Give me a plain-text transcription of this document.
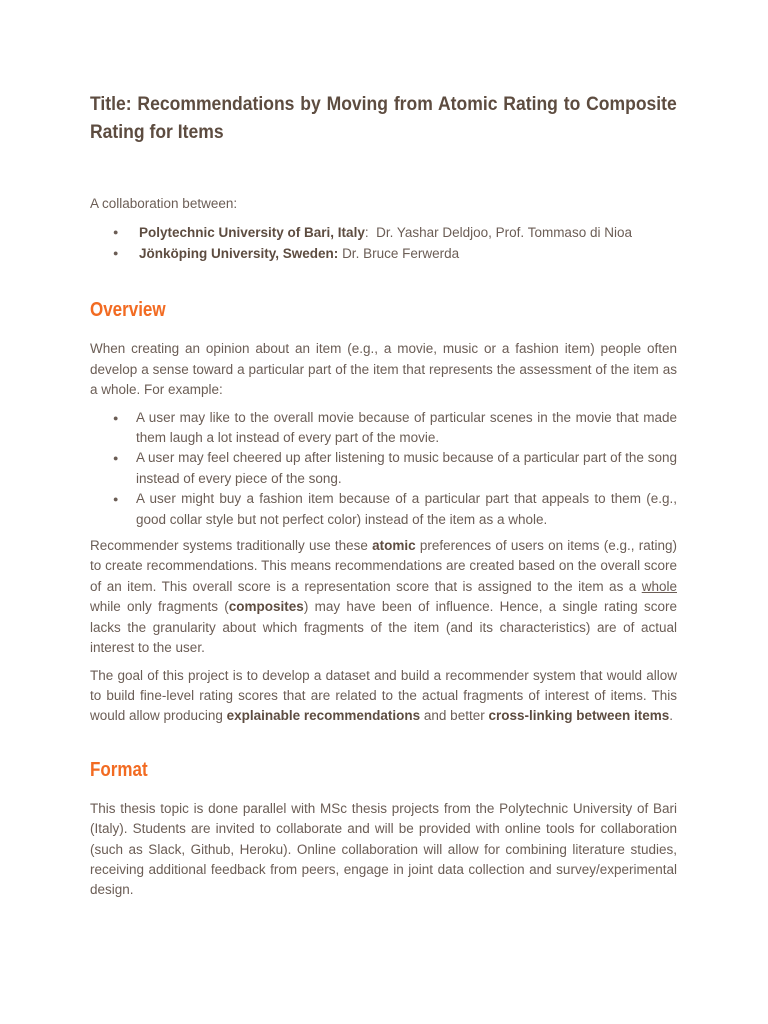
Title: Recommendations by Moving from Atomic Rating to Composite Rating for Items

A collaboration between:

● Polytechnic University of Bari, Italy: Dr. Yashar Deldjoo, Prof. Tommaso di Nioa
● Jönköping University, Sweden: Dr. Bruce Ferwerda
Overview

When creating an opinion about an item (e.g., a movie, music or a fashion item) people often develop a sense toward a particular part of the item that represents the assessment of the item as a whole. For example:

● A user may like to the overall movie because of particular scenes in the movie that made them laugh a lot instead of every part of the movie.
● A user may feel cheered up after listening to music because of a particular part of the song instead of every piece of the song.
● A user might buy a fashion item because of a particular part that appeals to them (e.g., good collar style but not perfect color) instead of the item as a whole.

Recommender systems traditionally use these atomic preferences of users on items (e.g., rating) to create recommendations. This means recommendations are created based on the overall score of an item. This overall score is a representation score that is assigned to the item as a whole while only fragments (composites) may have been of influence. Hence, a single rating score lacks the granularity about which fragments of the item (and its characteristics) are of actual interest to the user.

The goal of this project is to develop a dataset and build a recommender system that would allow to build fine-level rating scores that are related to the actual fragments of interest of items. This would allow producing explainable recommendations and better cross-linking between items.

Format

This thesis topic is done parallel with MSc thesis projects from the Polytechnic University of Bari (Italy). Students are invited to collaborate and will be provided with online tools for collaboration (such as Slack, Github, Heroku). Online collaboration will allow for combining literature studies, receiving additional feedback from peers, engage in joint data collection and survey/experimental design.
